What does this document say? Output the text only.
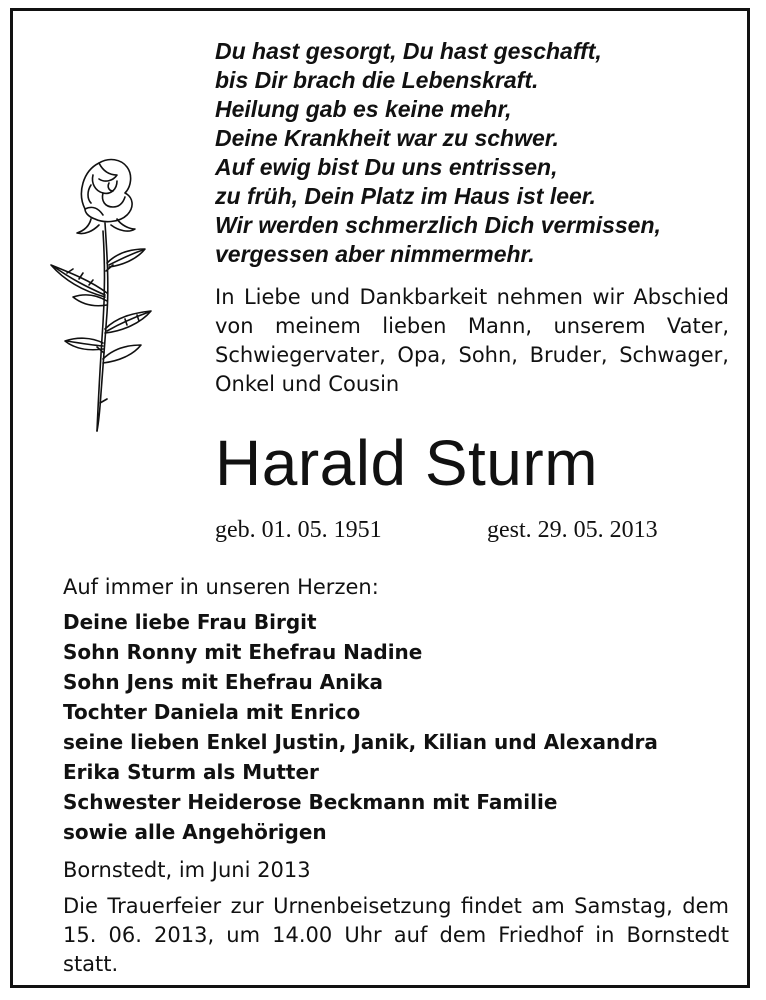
Du hast gesorgt, Du hast geschafft,
bis Dir brach die Lebenskraft.
Heilung gab es keine mehr,
Deine Krankheit war zu schwer.
Auf ewig bist Du uns entrissen,
zu früh, Dein Platz im Haus ist leer.
Wir werden schmerzlich Dich vermissen,
vergessen aber nimmermehr.

In Liebe und Dankbarkeit nehmen wir Abschied von meinem lieben Mann, unserem Vater, Schwiegervater, Opa, Sohn, Bruder, Schwager, Onkel und Cousin

Harald Sturm

geb. 01. 05. 1951	gest. 29. 05. 2013

Auf immer in unseren Herzen:

Deine liebe Frau Birgit
Sohn Ronny mit Ehefrau Nadine
Sohn Jens mit Ehefrau Anika
Tochter Daniela mit Enrico
seine lieben Enkel Justin, Janik, Kilian und Alexandra
Erika Sturm als Mutter
Schwester Heiderose Beckmann mit Familie
sowie alle Angehörigen

Bornstedt, im Juni 2013

Die Trauerfeier zur Urnenbeisetzung findet am Samstag, dem 15. 06. 2013, um 14.00 Uhr auf dem Friedhof in Bornstedt statt.
